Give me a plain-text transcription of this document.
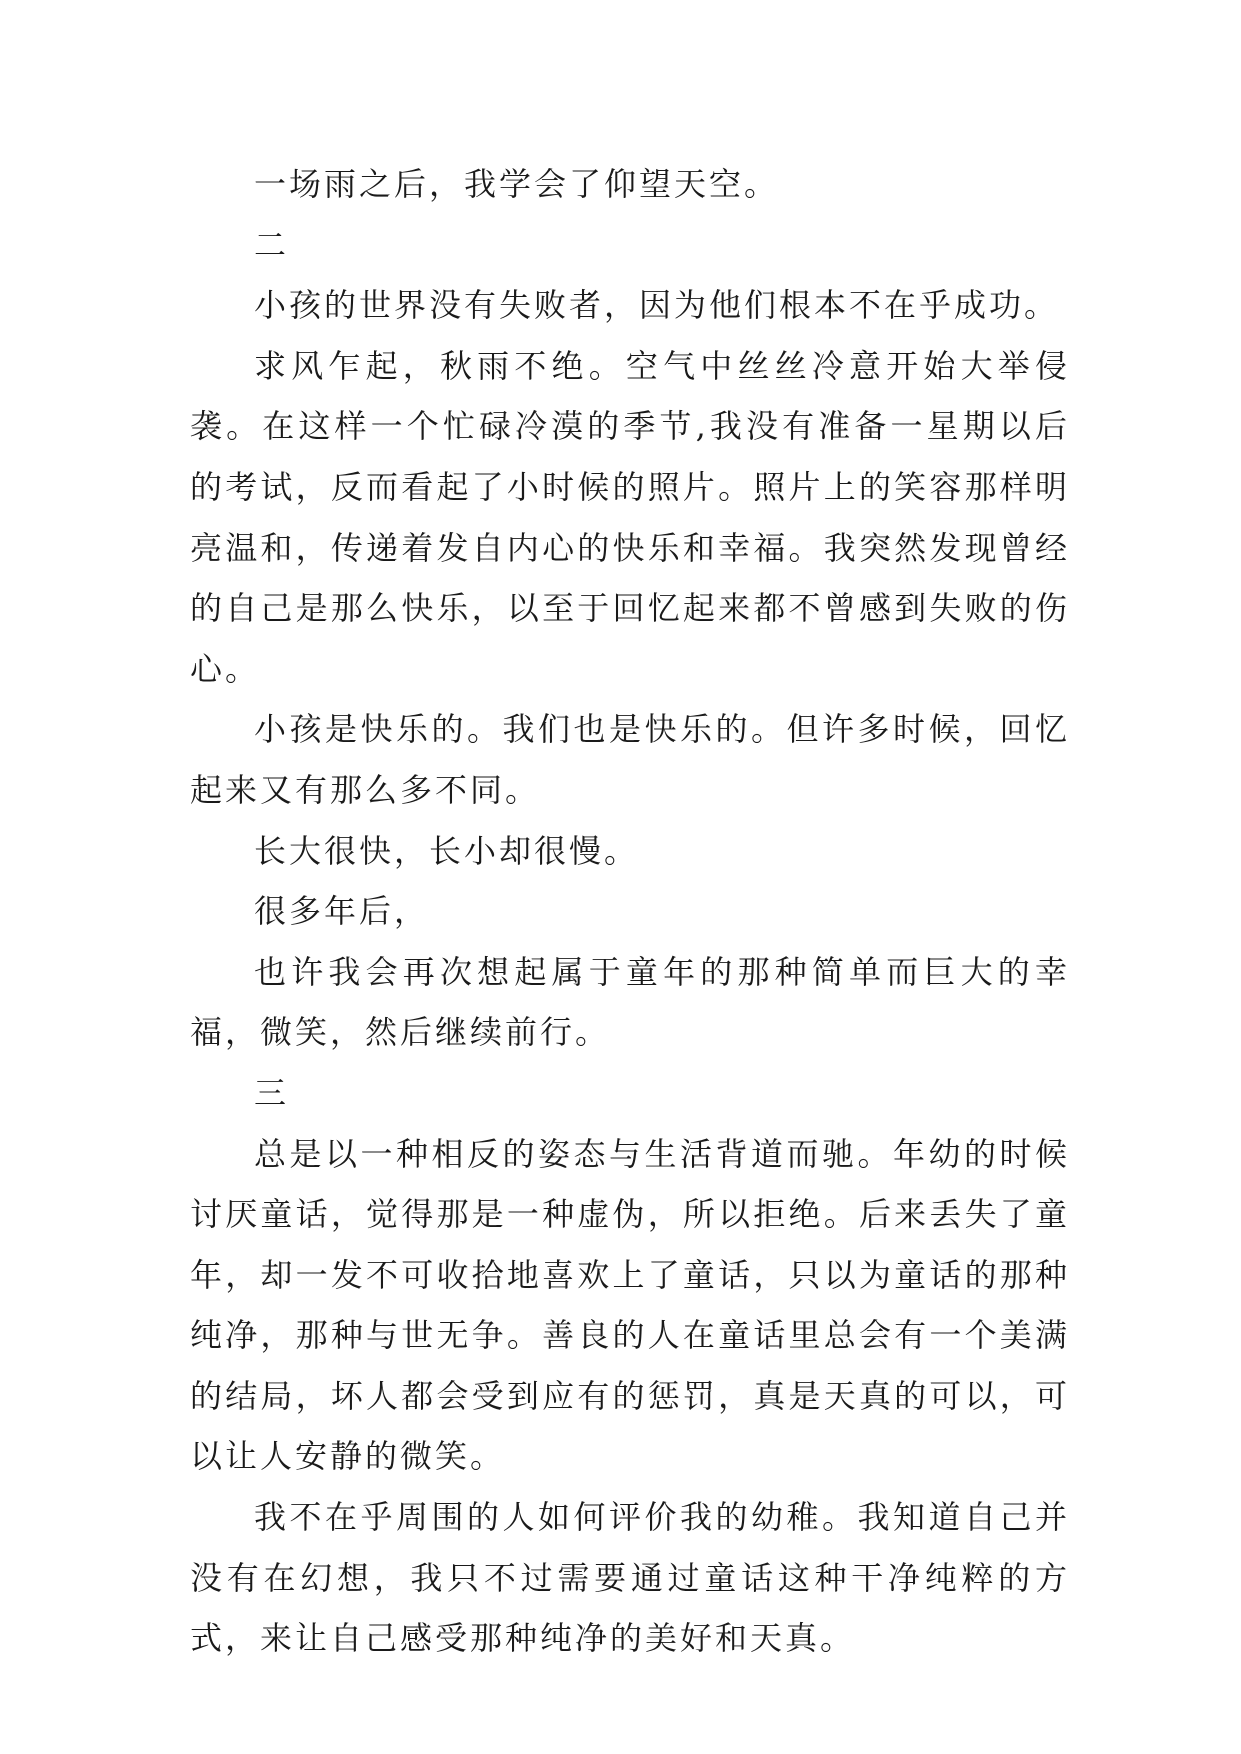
一场雨之后，我学会了仰望天空。

二

小孩的世界没有失败者，因为他们根本不在乎成功。

求风乍起，秋雨不绝。空气中丝丝冷意开始大举侵袭。在这样一个忙碌冷漠的季节,我没有准备一星期以后的考试，反而看起了小时候的照片。照片上的笑容那样明亮温和，传递着发自内心的快乐和幸福。我突然发现曾经的自己是那么快乐，以至于回忆起来都不曾感到失败的伤心。

小孩是快乐的。我们也是快乐的。但许多时候，回忆起来又有那么多不同。

长大很快，长小却很慢。

很多年后，

也许我会再次想起属于童年的那种简单而巨大的幸福，微笑，然后继续前行。

三

总是以一种相反的姿态与生活背道而驰。年幼的时候讨厌童话，觉得那是一种虚伪，所以拒绝。后来丢失了童年，却一发不可收拾地喜欢上了童话，只以为童话的那种纯净，那种与世无争。善良的人在童话里总会有一个美满的结局，坏人都会受到应有的惩罚，真是天真的可以，可以让人安静的微笑。

我不在乎周围的人如何评价我的幼稚。我知道自己并没有在幻想，我只不过需要通过童话这种干净纯粹的方式，来让自己感受那种纯净的美好和天真。
